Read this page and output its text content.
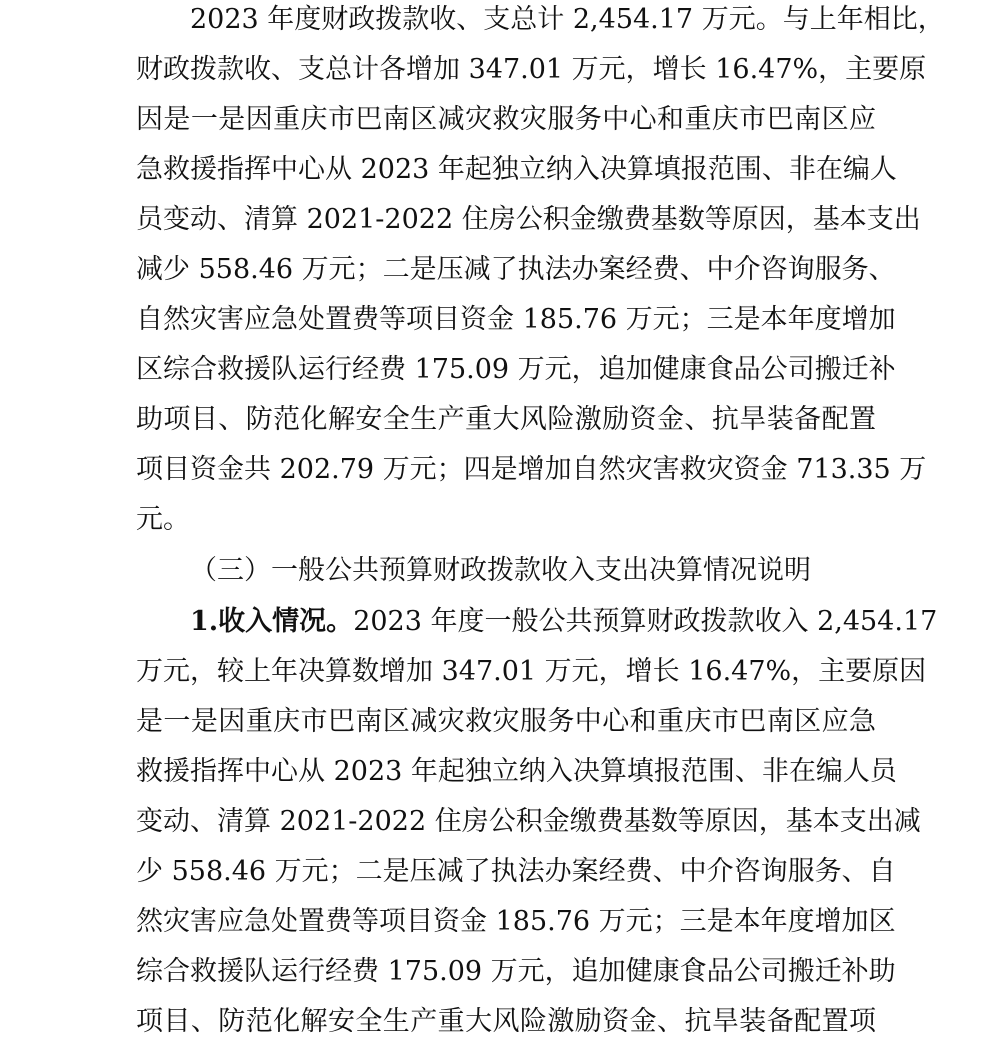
2023 年度财政拨款收、支总计 2,454.17 万元。与上年相比，
财政拨款收、支总计各增加 347.01 万元，增长 16.47%，主要原
因是一是因重庆市巴南区减灾救灾服务中心和重庆市巴南区应
急救援指挥中心从 2023 年起独立纳入决算填报范围、非在编人
员变动、清算 2021-2022 住房公积金缴费基数等原因，基本支出
减少 558.46 万元；二是压减了执法办案经费、中介咨询服务、
自然灾害应急处置费等项目资金 185.76 万元；三是本年度增加
区综合救援队运行经费 175.09 万元，追加健康食品公司搬迁补
助项目、防范化解安全生产重大风险激励资金、抗旱装备配置
项目资金共 202.79 万元；四是增加自然灾害救灾资金 713.35 万
元。
（三）一般公共预算财政拨款收入支出决算情况说明
1.收入情况。2023 年度一般公共预算财政拨款收入 2,454.17
万元，较上年决算数增加 347.01 万元，增长 16.47%，主要原因
是一是因重庆市巴南区减灾救灾服务中心和重庆市巴南区应急
救援指挥中心从 2023 年起独立纳入决算填报范围、非在编人员
变动、清算 2021-2022 住房公积金缴费基数等原因，基本支出减
少 558.46 万元；二是压减了执法办案经费、中介咨询服务、自
然灾害应急处置费等项目资金 185.76 万元；三是本年度增加区
综合救援队运行经费 175.09 万元，追加健康食品公司搬迁补助
项目、防范化解安全生产重大风险激励资金、抗旱装备配置项
